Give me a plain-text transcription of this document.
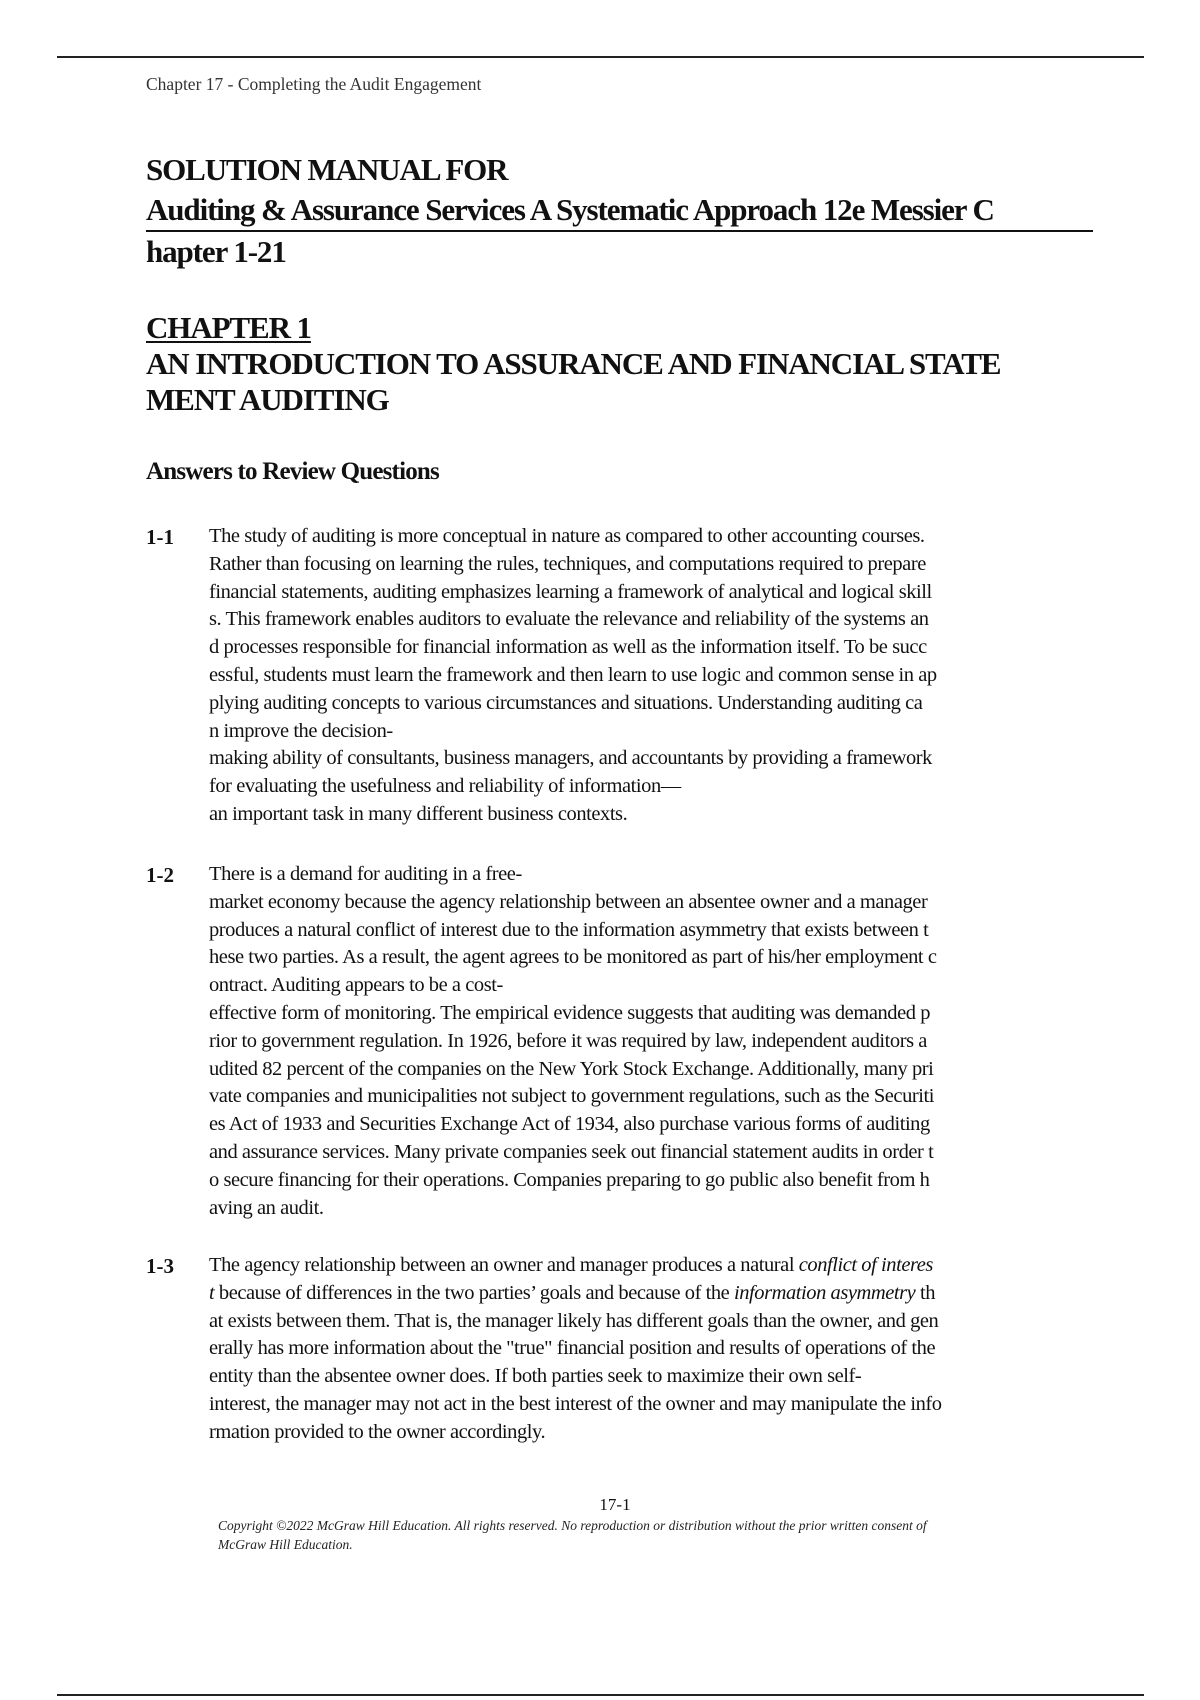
Chapter 17 - Completing the Audit Engagement
SOLUTION MANUAL FOR
Auditing & Assurance Services A Systematic Approach 12e Messier C
hapter 1-21
CHAPTER 1
AN INTRODUCTION TO ASSURANCE AND FINANCIAL STATE
MENT AUDITING
Answers to Review Questions
1-1 The study of auditing is more conceptual in nature as compared to other accounting courses.
Rather than focusing on learning the rules, techniques, and computations required to prepare
financial statements, auditing emphasizes learning a framework of analytical and logical skill
s. This framework enables auditors to evaluate the relevance and reliability of the systems an
d processes responsible for financial information as well as the information itself. To be succ
essful, students must learn the framework and then learn to use logic and common sense in ap
plying auditing concepts to various circumstances and situations. Understanding auditing ca
n improve the decision-
making ability of consultants, business managers, and accountants by providing a framework
for evaluating the usefulness and reliability of information—
an important task in many different business contexts.
1-2 There is a demand for auditing in a free-
market economy because the agency relationship between an absentee owner and a manager
produces a natural conflict of interest due to the information asymmetry that exists between t
hese two parties. As a result, the agent agrees to be monitored as part of his/her employment c
ontract. Auditing appears to be a cost-
effective form of monitoring. The empirical evidence suggests that auditing was demanded p
rior to government regulation. In 1926, before it was required by law, independent auditors a
udited 82 percent of the companies on the New York Stock Exchange. Additionally, many pri
vate companies and municipalities not subject to government regulations, such as the Securiti
es Act of 1933 and Securities Exchange Act of 1934, also purchase various forms of auditing
and assurance services. Many private companies seek out financial statement audits in order t
o secure financing for their operations. Companies preparing to go public also benefit from h
aving an audit.
1-3 The agency relationship between an owner and manager produces a natural conflict of interes
t because of differences in the two parties’ goals and because of the information asymmetry th
at exists between them. That is, the manager likely has different goals than the owner, and gen
erally has more information about the "true" financial position and results of operations of the
entity than the absentee owner does. If both parties seek to maximize their own self-
interest, the manager may not act in the best interest of the owner and may manipulate the info
rmation provided to the owner accordingly.
17-1
Copyright ©2022 McGraw Hill Education. All rights reserved. No reproduction or distribution without the prior written consent of
McGraw Hill Education.
